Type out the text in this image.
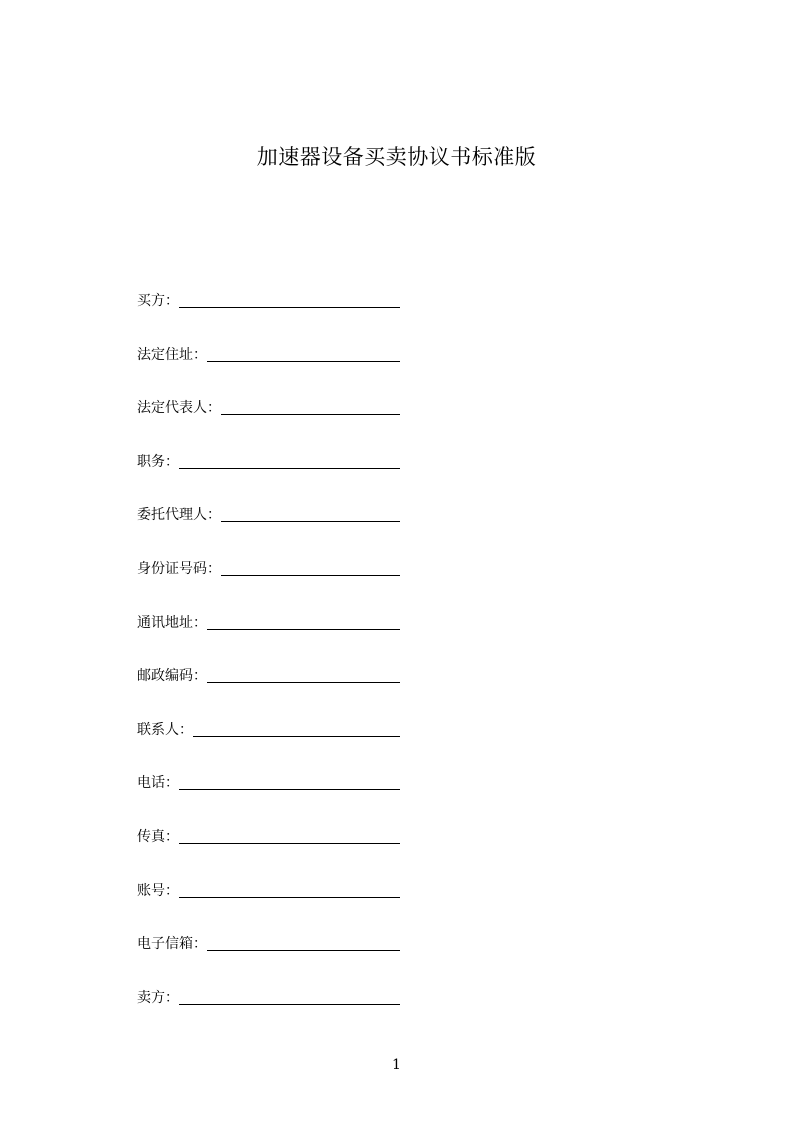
加速器设备买卖协议书标准版
买方：
法定住址：
法定代表人：
职务：
委托代理人：
身份证号码：
通讯地址：
邮政编码：
联系人：
电话：
传真：
账号：
电子信箱：
卖方：
1
